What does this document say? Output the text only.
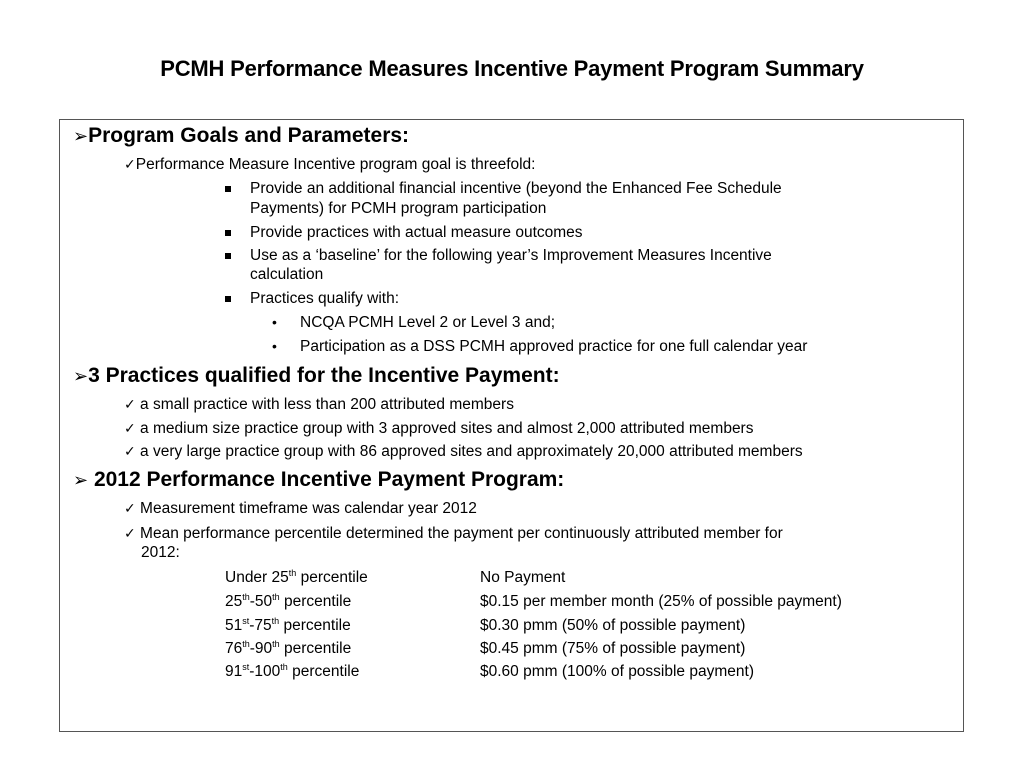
PCMH Performance Measures Incentive Payment Program Summary
➢Program Goals and Parameters:
✓Performance Measure Incentive program goal is threefold:
Provide an additional financial incentive (beyond the Enhanced Fee Schedule
Payments) for PCMH program participation
Provide practices with actual measure outcomes
Use as a ‘baseline’ for the following year’s Improvement Measures Incentive
calculation
Practices qualify with:
• NCQA PCMH Level 2 or Level 3 and;
• Participation as a DSS PCMH approved practice for one full calendar year
➢3 Practices qualified for the Incentive Payment:
✓ a small practice with less than 200 attributed members
✓ a medium size practice group with 3 approved sites and almost 2,000 attributed members
✓ a very large practice group with 86 approved sites and approximately 20,000 attributed members
➢ 2012 Performance Incentive Payment Program:
✓ Measurement timeframe was calendar year 2012
✓ Mean performance percentile determined the payment per continuously attributed member for
2012:
Under 25th percentile	No Payment
25th-50th percentile	$0.15 per member month (25% of possible payment)
51st-75th percentile	$0.30 pmm (50% of possible payment)
76th-90th percentile	$0.45 pmm (75% of possible payment)
91st-100th percentile	$0.60 pmm (100% of possible payment)
